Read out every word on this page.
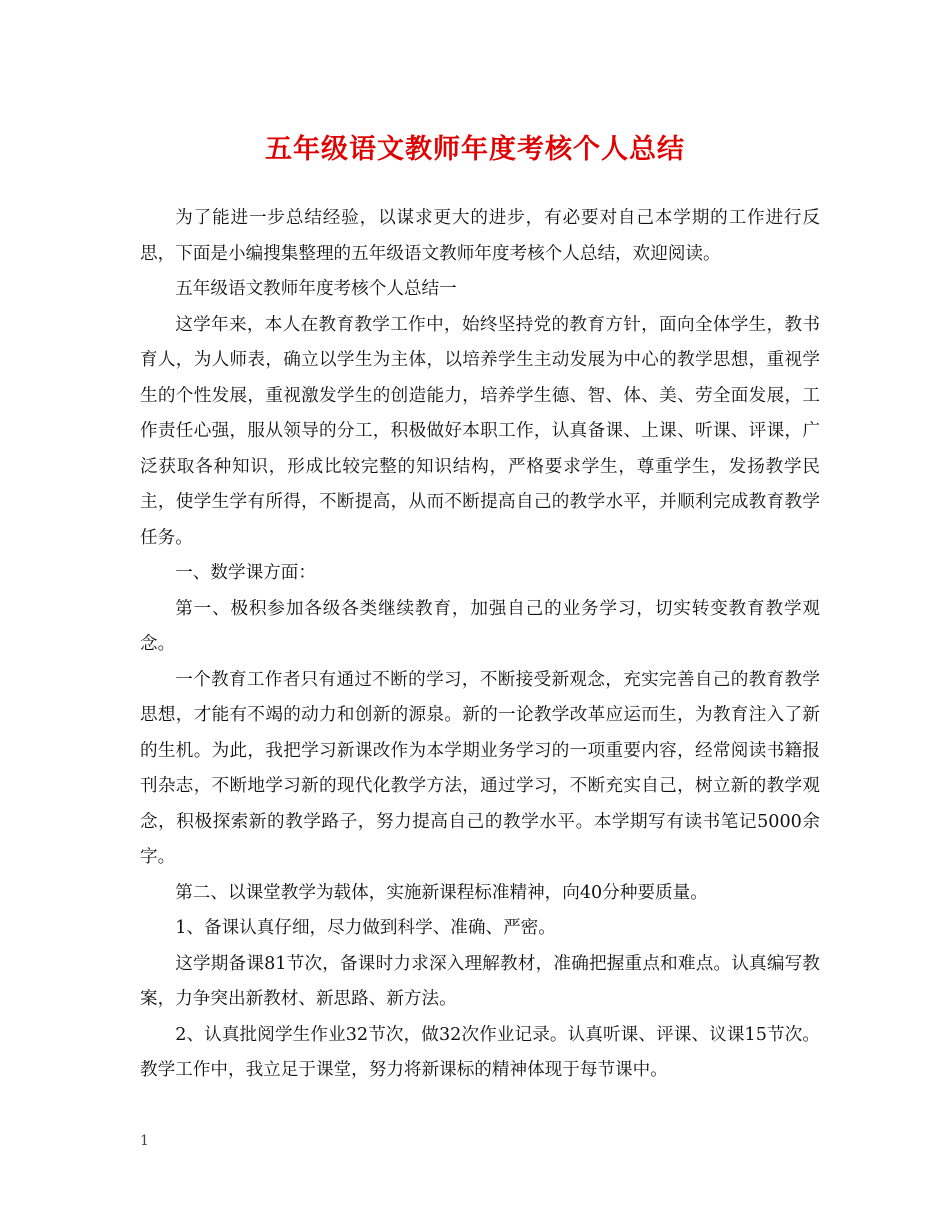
五年级语文教师年度考核个人总结

为了能进一步总结经验，以谋求更大的进步，有必要对自己本学期的工作进行反思，下面是小编搜集整理的五年级语文教师年度考核个人总结，欢迎阅读。

五年级语文教师年度考核个人总结一

这学年来，本人在教育教学工作中，始终坚持党的教育方针，面向全体学生，教书育人，为人师表，确立以学生为主体，以培养学生主动发展为中心的教学思想，重视学生的个性发展，重视激发学生的创造能力，培养学生德、智、体、美、劳全面发展，工作责任心强，服从领导的分工，积极做好本职工作，认真备课、上课、听课、评课，广泛获取各种知识，形成比较完整的知识结构，严格要求学生，尊重学生，发扬教学民主，使学生学有所得，不断提高，从而不断提高自己的教学水平，并顺利完成教育教学任务。

一、数学课方面：

第一、极积参加各级各类继续教育，加强自己的业务学习，切实转变教育教学观念。

一个教育工作者只有通过不断的学习，不断接受新观念，充实完善自己的教育教学思想，才能有不竭的动力和创新的源泉。新的一论教学改革应运而生，为教育注入了新的生机。为此，我把学习新课改作为本学期业务学习的一项重要内容，经常阅读书籍报刊杂志，不断地学习新的现代化教学方法，通过学习，不断充实自己，树立新的教学观念，积极探索新的教学路子，努力提高自己的教学水平。本学期写有读书笔记5000余字。

第二、以课堂教学为载体，实施新课程标准精神，向40分种要质量。

1、备课认真仔细，尽力做到科学、准确、严密。

这学期备课81节次，备课时力求深入理解教材，准确把握重点和难点。认真编写教案，力争突出新教材、新思路、新方法。

2、认真批阅学生作业32节次，做32次作业记录。认真听课、评课、议课15节次。 教学工作中，我立足于课堂，努力将新课标的精神体现于每节课中。

1
